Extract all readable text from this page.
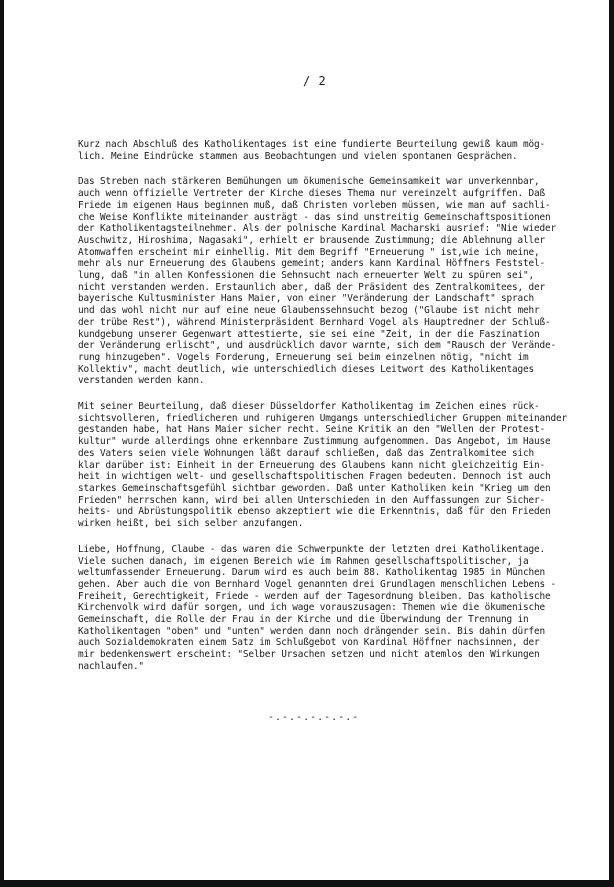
/ 2
Kurz nach Abschluß des Katholikentages ist eine fundierte Beurteilung gewiß kaum mög-
lich. Meine Eindrücke stammen aus Beobachtungen und vielen spontanen Gesprächen.
Das Streben nach stärkeren Bemühungen um ökumenische Gemeinsamkeit war unverkennbar,
auch wenn offizielle Vertreter der Kirche dieses Thema nur vereinzelt aufgriffen. Daß
Friede im eigenen Haus beginnen muß, daß Christen vorleben müssen, wie man auf sachli-
che Weise Konflikte miteinander austrägt - das sind unstreitig Gemeinschaftspositionen
der Katholikentagsteilnehmer. Als der polnische Kardinal Macharski ausrief: "Nie wieder
Auschwitz, Hiroshima, Nagasaki", erhielt er brausende Zustimmung; die Ablehnung aller
Atomwaffen erscheint mir einhellig. Mit dem Begriff "Erneuerung " ist,wie ich meine,
mehr als nur Erneuerung des Glaubens gemeint; anders kann Kardinal Höffners Feststel-
lung, daß "in allen Konfessionen die Sehnsucht nach erneuerter Welt zu spüren sei",
nicht verstanden werden. Erstaunlich aber, daß der Präsident des Zentralkomitees, der
bayerische Kultusminister Hans Maier, von einer "Veränderung der Landschaft" sprach
und das wohl nicht nur auf eine neue Glaubenssehnsucht bezog ("Glaube ist nicht mehr
der trübe Rest"), während Ministerpräsident Bernhard Vogel als Hauptredner der Schluß-
kundgebung unserer Gegenwart attestierte, sie sei eine "Zeit, in der die Faszination
der Veränderung erlischt", und ausdrücklich davor warnte, sich dem "Rausch der Verände-
rung hinzugeben". Vogels Forderung, Erneuerung sei beim einzelnen nötig, "nicht im
Kollektiv", macht deutlich, wie unterschiedlich dieses Leitwort des Katholikentages
verstanden werden kann.
Mit seiner Beurteilung, daß dieser Düsseldorfer Katholikentag im Zeichen eines rück-
sichtsvolleren, friedlicheren und ruhigeren Umgangs unterschiedlicher Gruppen miteinander
gestanden habe, hat Hans Maier sicher recht. Seine Kritik an den "Wellen der Protest-
kultur" wurde allerdings ohne erkennbare Zustimmung aufgenommen. Das Angebot, im Hause
des Vaters seien viele Wohnungen läßt darauf schließen, daß das Zentralkomitee sich
klar darüber ist: Einheit in der Erneuerung des Glaubens kann nicht gleichzeitig Ein-
heit in wichtigen welt- und gesellschaftspolitischen Fragen bedeuten. Dennoch ist auch
starkes Gemeinschaftsgefühl sichtbar geworden. Daß unter Katholiken kein "Krieg um den
Frieden" herrschen kann, wird bei allen Unterschieden in den Auffassungen zur Sicher-
heits- und Abrüstungspolitik ebenso akzeptiert wie die Erkenntnis, daß für den Frieden
wirken heißt, bei sich selber anzufangen.
Liebe, Hoffnung, Claube - das waren die Schwerpunkte der letzten drei Katholikentage.
Viele suchen danach, im eigenen Bereich wie im Rahmen gesellschaftspolitischer, ja
weltumfassender Erneuerung. Darum wird es auch beim 88. Katholikentag 1985 in München
gehen. Aber auch die von Bernhard Vogel genannten drei Grundlagen menschlichen Lebens -
Freiheit, Gerechtigkeit, Friede - werden auf der Tagesordnung bleiben. Das katholische
Kirchenvolk wird dafür sorgen, und ich wage vorauszusagen: Themen wie die ökumenische
Gemeinschaft, die Rolle der Frau in der Kirche und die Überwindung der Trennung in
Katholikentagen "oben" und "unten" werden dann noch drängender sein. Bis dahin dürfen
auch Sozialdemokraten einem Satz im Schlußgebot von Kardinal Höffner nachsinnen, der
mir bedenkenswert erscheint: "Selber Ursachen setzen und nicht atemlos den Wirkungen
nachlaufen."
-.-.-.-.-.-.-
